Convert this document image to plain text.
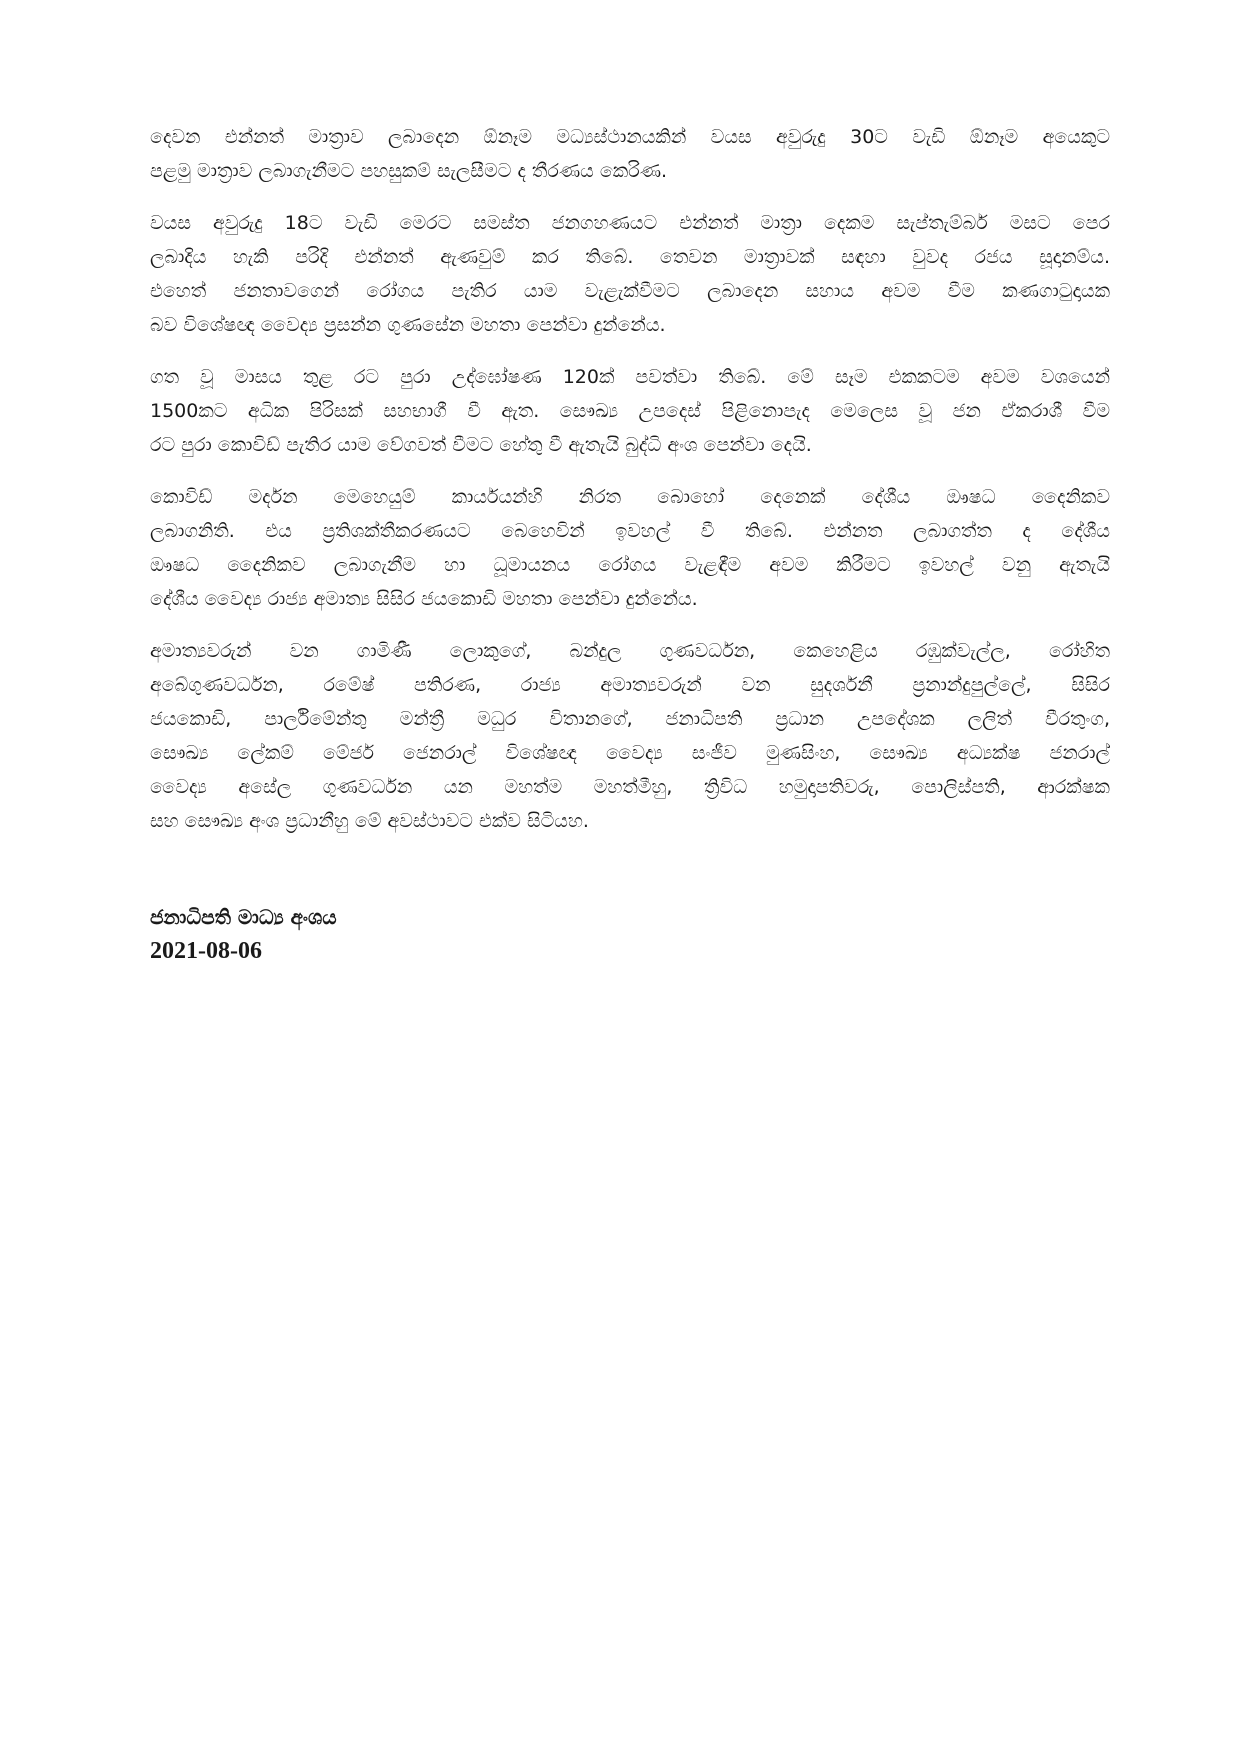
දෙවන එන්නත් මාත්‍රාව ලබාදෙන ඕනෑම මධ්‍යස්ථානයකින් වයස අවුරුදු 30ට වැඩි ඕනෑම අයෙකුට
පළමු මාත්‍රාව ලබාගැනීමට පහසුකම් සැලසීමට ද තීරණය කෙරිණ.

වයස අවුරුදු 18ට වැඩි මෙරට සමස්ත ජනගහණයට එන්නත් මාත්‍රා දෙකම සැප්තැම්බර් මසට පෙර
ලබාදිය හැකි පරිදි එන්නත් ඇණවුම් කර තිබේ. තෙවන මාත්‍රාවක් සඳහා වුවද රජය සූදානම්ය.
එහෙත් ජනතාවගෙන් රෝගය පැතිර යාම වැළැක්වීමට ලබාදෙන සහාය අවම වීම කණගාටුදායක
බව විශේෂඥ වෛද්‍ය ප්‍රසන්න ගුණසේන මහතා පෙන්වා දුන්නේය.

ගත වූ මාසය තුළ රට පුරා උද්ඝෝෂණ 120ක් පවත්වා තිබේ. මේ සෑම එකකටම අවම වශයෙන්
1500කට අධික පිරිසක් සහභාගී වී ඇත. සෞඛ්‍ය උපදෙස් පිළිනොපැද මෙලෙස වූ ජන ඒකරාශී වීම
රට පුරා කොවිඩ් පැතිර යාම වේගවත් වීමට හේතු වී ඇතැයි බුද්ධි අංශ පෙන්වා දෙයි.

කොවිඩ් මර්දන මෙහෙයුම් කාර්යයන්හි නිරත බොහෝ දෙනෙක් දේශීය ඖෂධ දෛනිකව
ලබාගනිති. එය ප්‍රතිශක්තීකරණයට බෙහෙවින් ඉවහල් වී තිබේ. එන්නත ලබාගත්ත ද දේශීය
ඖෂධ දෛනිකව ලබාගැනීම හා ධූමායනය රෝගය වැළඳීම අවම කිරීමට ඉවහල් වනු ඇතැයි
දේශීය වෛද්‍ය රාජ්‍ය අමාත්‍ය සිසිර ජයකොඩි මහතා පෙන්වා දුන්නේය.

අමාත්‍යවරුන් වන ගාමිණී ලොකුගේ, බන්දුල ගුණවර්ධන, කෙහෙළිය රඹුක්වැල්ල, රෝහිත
අබේගුණවර්ධන, රමේෂ් පතිරණ, රාජ්‍ය අමාත්‍යවරුන් වන සුදර්ශනී ප්‍රනාන්දුපුල්ලේ, සිසිර
ජයකොඩි, පාර්ලිමේන්තු මන්ත්‍රී මධුර විතානගේ, ජනාධිපති ප්‍රධාන උපදේශක ලලිත් වීරතුංග,
සෞඛ්‍ය ලේකම් මේජර් ජෙනරාල් විශේෂඥ වෛද්‍ය සංජීව මුණසිංහ, සෞඛ්‍ය අධ්‍යක්ෂ ජනරාල්
වෛද්‍ය අසේල ගුණවර්ධන යන මහත්ම මහත්මීහු, ත්‍රිවිධ හමුදාපතිවරු, පොලිස්පති, ආරක්ෂක
සහ සෞඛ්‍ය අංශ ප්‍රධානීහු මේ අවස්ථාවට එක්ව සිටියහ.

ජනාධිපති මාධ්‍ය අංශය
2021-08-06
